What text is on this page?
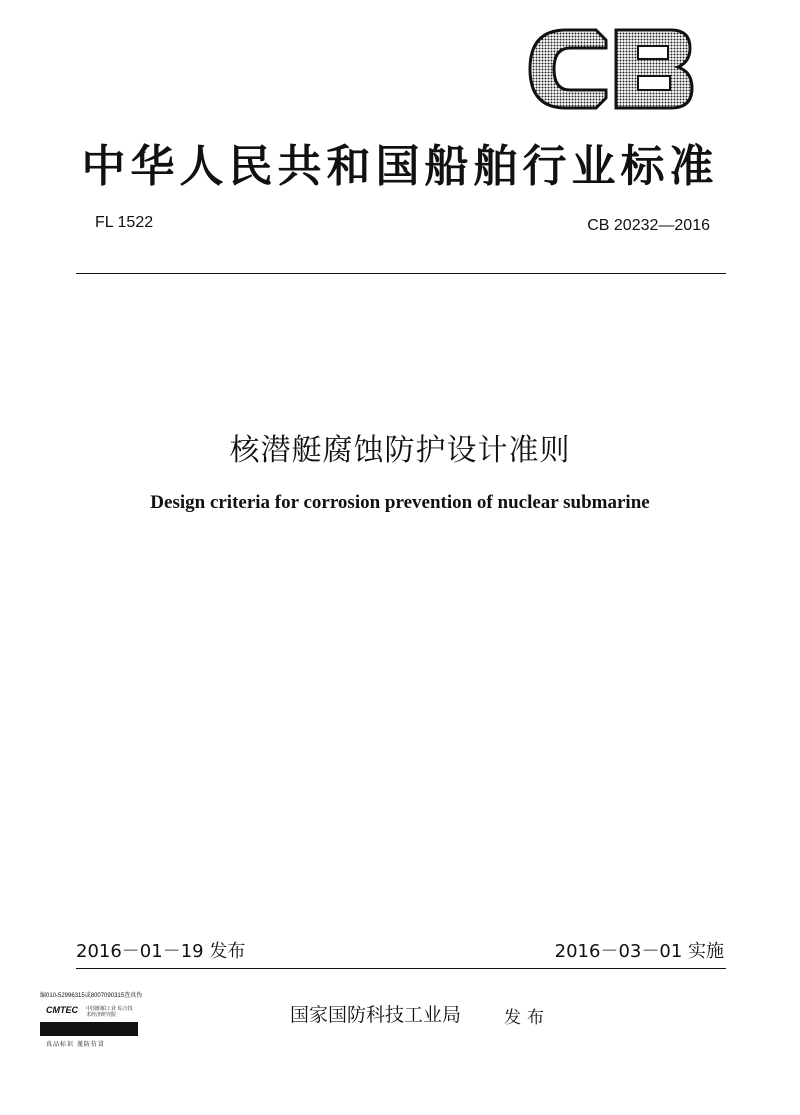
中华人民共和国船舶行业标准
FL 1522	CB 20232—2016
核潜艇腐蚀防护设计准则
Design criteria for corrosion prevention of nuclear submarine
2016－01－19 发布	2016－03－01 实施
国家国防科技工业局	发布
编010-52996315或8007090315查真伪
CMTEC 中国船舶工业 综合技术经济研究院
真品标识 谨防仿冒
